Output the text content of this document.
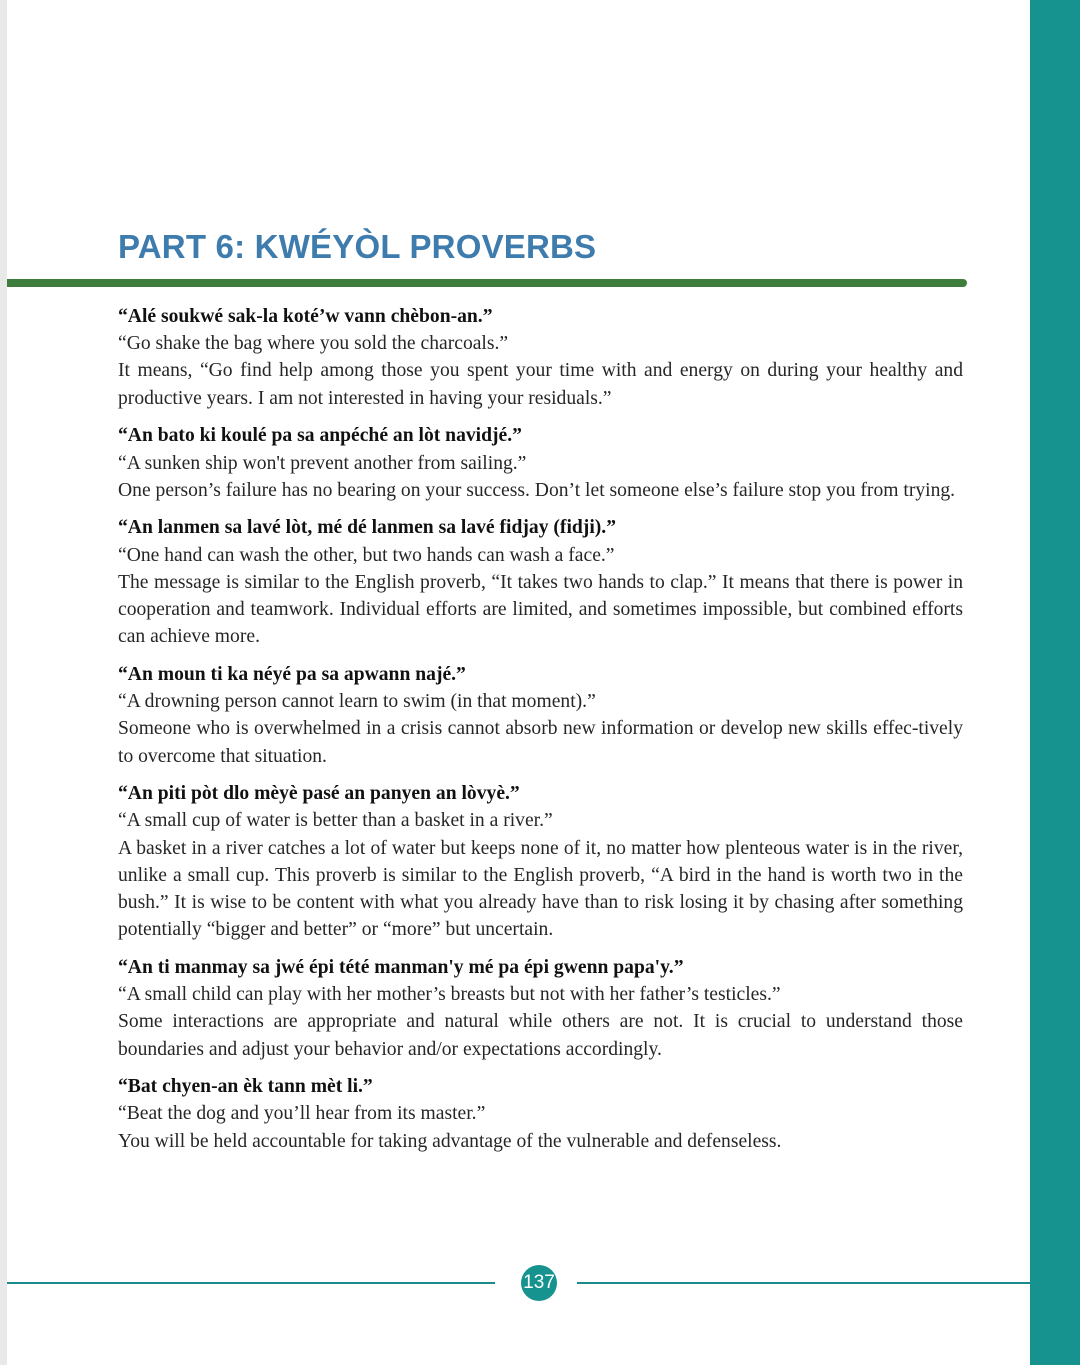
PART 6: KWÉYÒL PROVERBS
“Alé soukwé sak-la koté’w vann chèbon-an.”
“Go shake the bag where you sold the charcoals.”
It means, “Go find help among those you spent your time with and energy on during your healthy and productive years. I am not interested in having your residuals.”
“An bato ki koulé pa sa anpéché an lòt navidjé.”
“A sunken ship won't prevent another from sailing.”
One person’s failure has no bearing on your success. Don’t let someone else’s failure stop you from trying.
“An lanmen sa lavé lòt, mé dé lanmen sa lavé fidjay (fidji).”
“One hand can wash the other, but two hands can wash a face.”
The message is similar to the English proverb, “It takes two hands to clap.” It means that there is power in cooperation and teamwork. Individual efforts are limited, and sometimes impossible, but combined efforts can achieve more.
“An moun ti ka néyé pa sa apwann najé.”
“A drowning person cannot learn to swim (in that moment).”
Someone who is overwhelmed in a crisis cannot absorb new information or develop new skills effec-tively to overcome that situation.
“An piti pòt dlo mèyè pasé an panyen an lòvyè.”
“A small cup of water is better than a basket in a river.”
A basket in a river catches a lot of water but keeps none of it, no matter how plenteous water is in the river, unlike a small cup. This proverb is similar to the English proverb, “A bird in the hand is worth two in the bush.” It is wise to be content with what you already have than to risk losing it by chasing after something potentially “bigger and better” or “more” but uncertain.
“An ti manmay sa jwé épi tété manman'y mé pa épi gwenn papa'y.”
“A small child can play with her mother’s breasts but not with her father’s testicles.”
Some interactions are appropriate and natural while others are not. It is crucial to understand those boundaries and adjust your behavior and/or expectations accordingly.
“Bat chyen-an èk tann mèt li.”
“Beat the dog and you’ll hear from its master.”
You will be held accountable for taking advantage of the vulnerable and defenseless.
137
